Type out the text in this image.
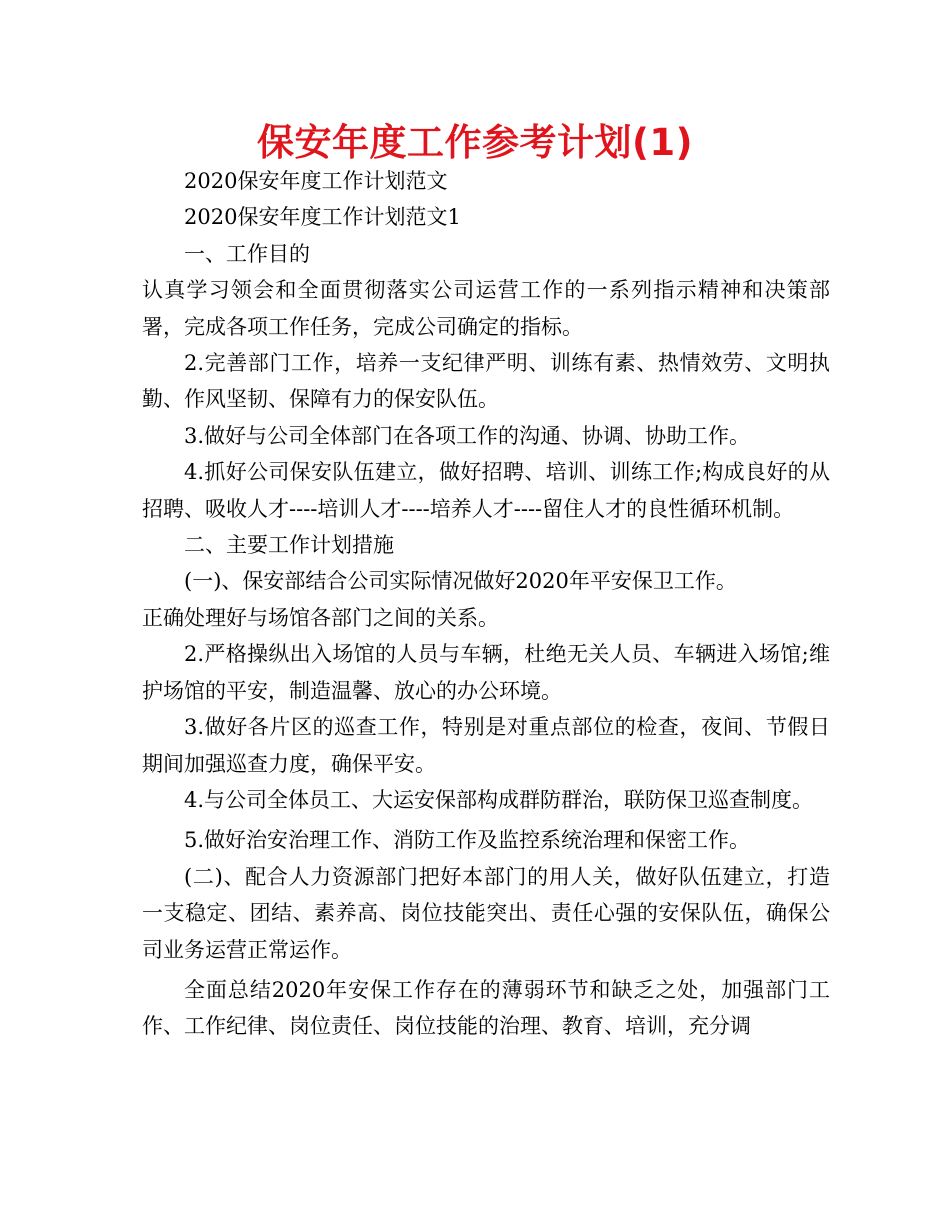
保安年度工作参考计划(1)

2020保安年度工作计划范文

2020保安年度工作计划范文1

一、工作目的

认真学习领会和全面贯彻落实公司运营工作的一系列指示精神和决策部署，完成各项工作任务，完成公司确定的指标。

2.完善部门工作，培养一支纪律严明、训练有素、热情效劳、文明执勤、作风坚韧、保障有力的保安队伍。

3.做好与公司全体部门在各项工作的沟通、协调、协助工作。

4.抓好公司保安队伍建立，做好招聘、培训、训练工作;构成良好的从招聘、吸收人才----培训人才----培养人才----留住人才的良性循环机制。

二、主要工作计划措施

(一)、保安部结合公司实际情况做好2020年平安保卫工作。

正确处理好与场馆各部门之间的关系。

2.严格操纵出入场馆的人员与车辆，杜绝无关人员、车辆进入场馆;维护场馆的平安，制造温馨、放心的办公环境。

3.做好各片区的巡查工作，特别是对重点部位的检查，夜间、节假日期间加强巡查力度，确保平安。

4.与公司全体员工、大运安保部构成群防群治，联防保卫巡查制度。

5.做好治安治理工作、消防工作及监控系统治理和保密工作。

(二)、配合人力资源部门把好本部门的用人关，做好队伍建立，打造一支稳定、团结、素养高、岗位技能突出、责任心强的安保队伍，确保公司业务运营正常运作。

全面总结2020年安保工作存在的薄弱环节和缺乏之处，加强部门工作、工作纪律、岗位责任、岗位技能的治理、教育、培训，充分调
